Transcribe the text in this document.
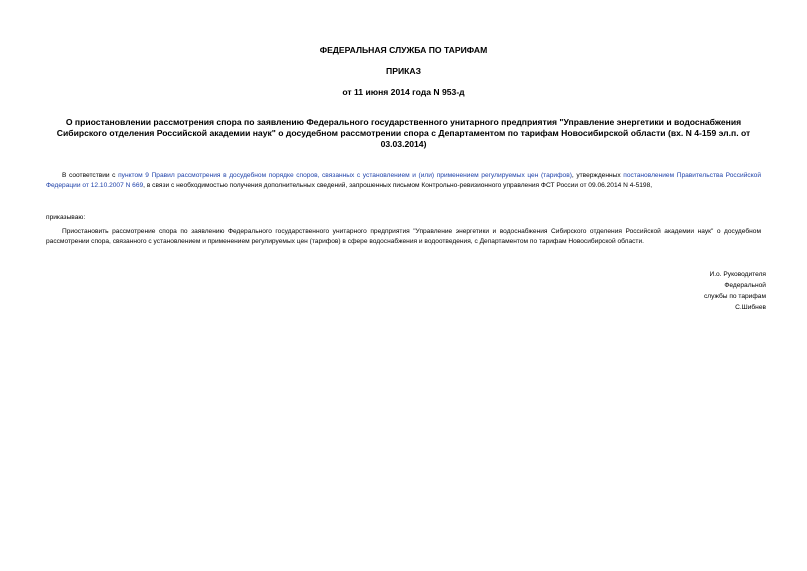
ФЕДЕРАЛЬНАЯ СЛУЖБА ПО ТАРИФАМ

ПРИКАЗ

от 11 июня 2014 года N 953-д

О приостановлении рассмотрения спора по заявлению Федерального государственного унитарного предприятия "Управление энергетики и водоснабжения Сибирского отделения Российской академии наук" о досудебном рассмотрении спора с Департаментом по тарифам Новосибирской области (вх. N 4-159 эл.п. от 03.03.2014)

В соответствии с пунктом 9 Правил рассмотрения в досудебном порядке споров, связанных с установлением и (или) применением регулируемых цен (тарифов), утвержденных постановлением Правительства Российской Федерации от 12.10.2007 N 669, в связи с необходимостью получения дополнительных сведений, запрошенных письмом Контрольно-ревизионного управления ФСТ России от 09.06.2014 N 4-5198,

приказываю:

Приостановить рассмотрение спора по заявлению Федерального государственного унитарного предприятия "Управление энергетики и водоснабжения Сибирского отделения Российской академии наук" о досудебном рассмотрении спора, связанного с установлением и применением регулируемых цен (тарифов) в сфере водоснабжения и водоотведения, с Департаментом по тарифам Новосибирской области.

И.о. Руководителя
Федеральной
службы по тарифам
С.Шибнев
